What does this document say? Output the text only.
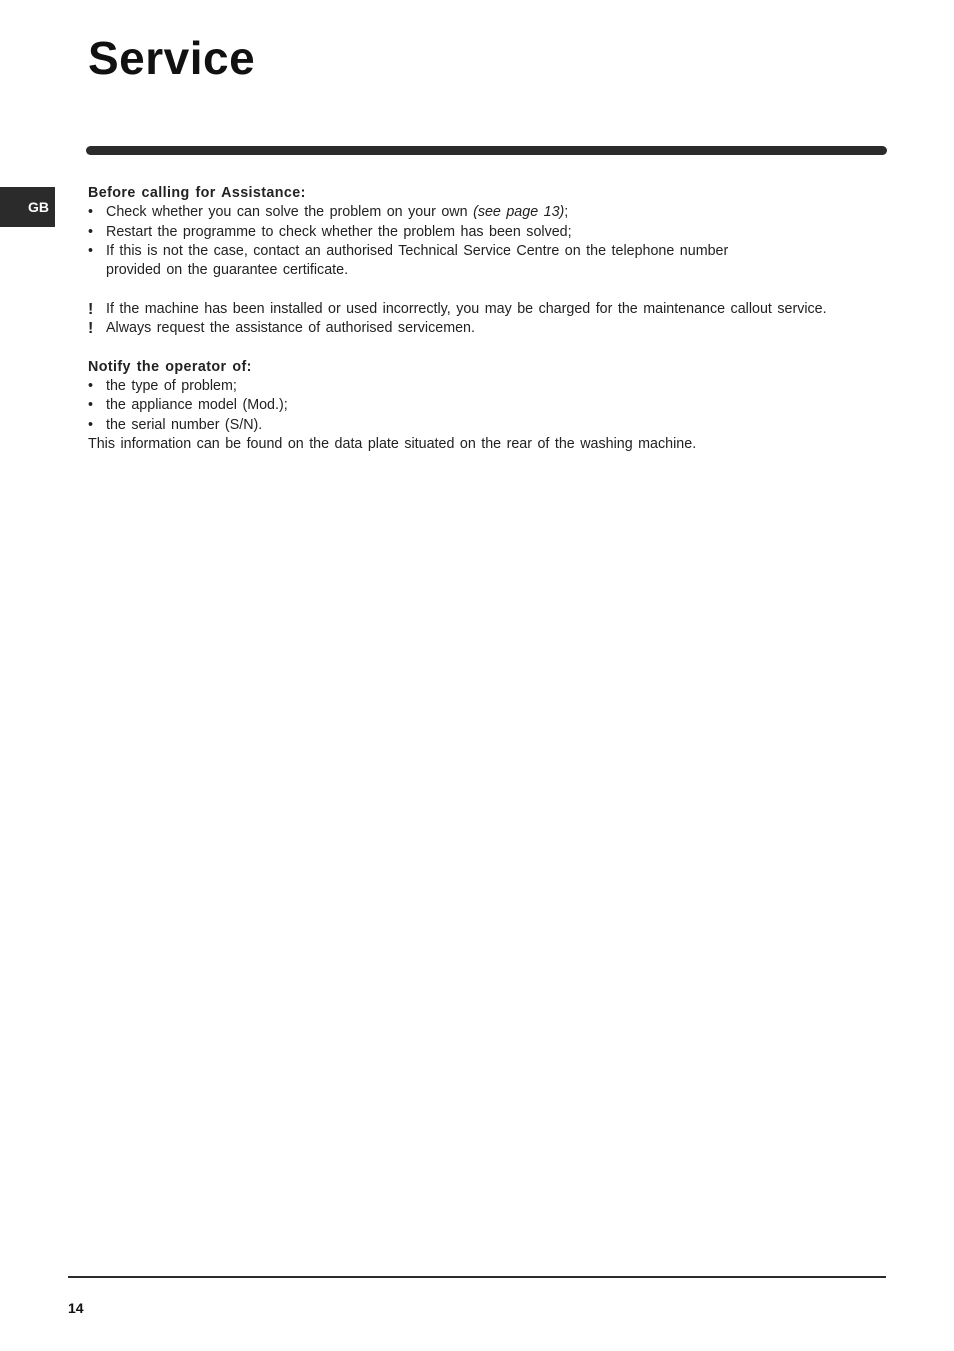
Service
GB

Before calling for Assistance:

• Check whether you can solve the problem on your own (see page 13);
• Restart the programme to check whether the problem has been solved;
• If this is not the case, contact an authorised Technical Service Centre on the telephone number
provided on the guarantee certificate.
! If the machine has been installed or used incorrectly, you may be charged for the maintenance callout service.
! Always request the assistance of authorised servicemen.

Notify the operator of:

• the type of problem;
• the appliance model (Mod.);
• the serial number (S/N).

This information can be found on the data plate situated on the rear of the washing machine.

14
